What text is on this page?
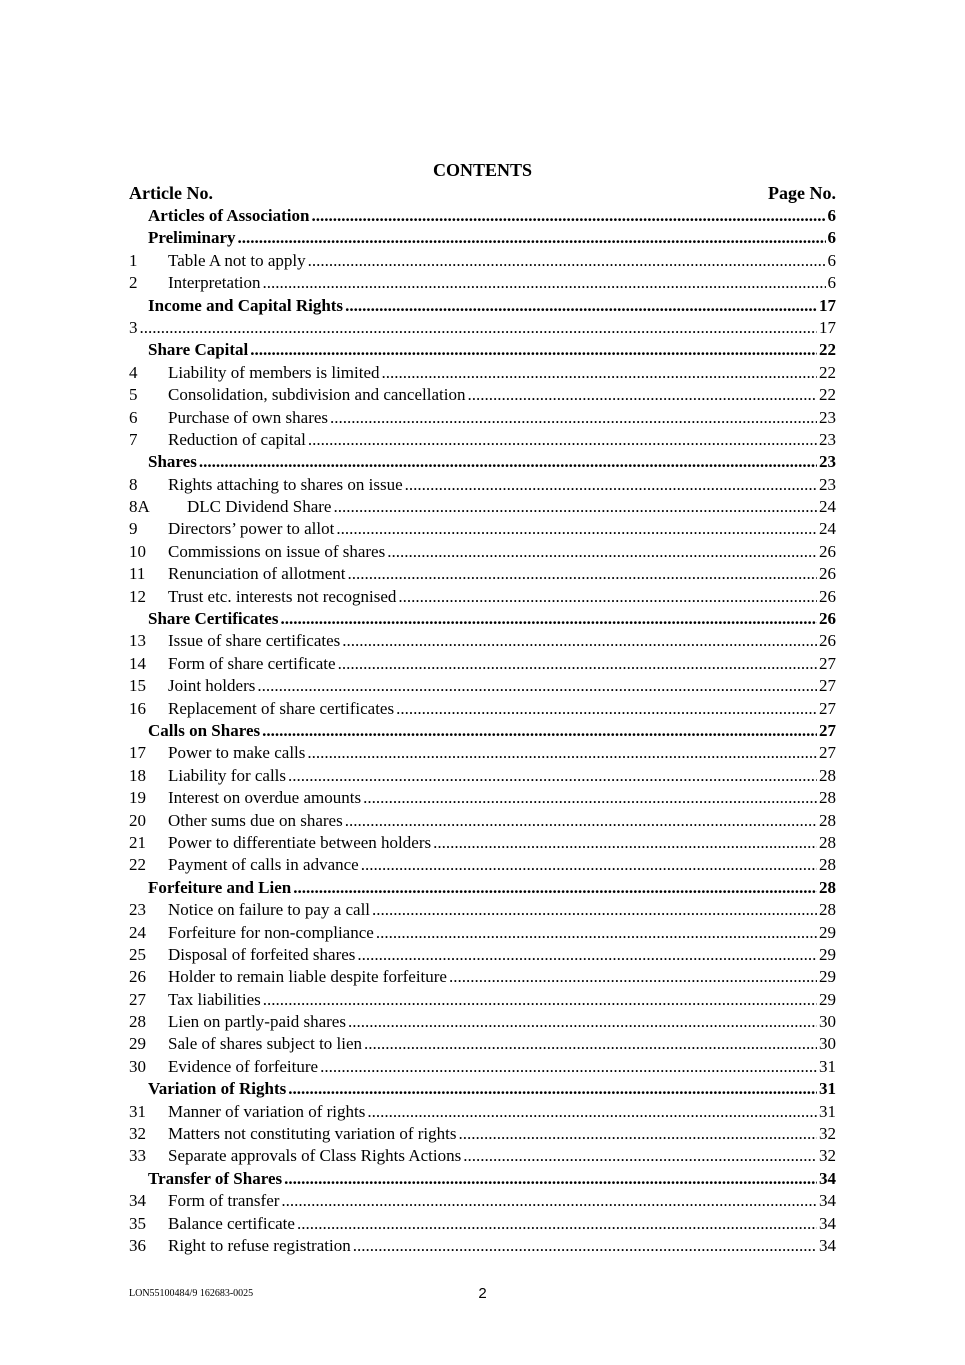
CONTENTS
Article No.	Page No.
Articles of Association .....	6
Preliminary .....	6
1	Table A not to apply .....	6
2	Interpretation .....	6
Income and Capital Rights .....	17
3 .....	17
Share Capital .....	22
4	Liability of members is limited .....	22
5	Consolidation, subdivision and cancellation .....	22
6	Purchase of own shares .....	23
7	Reduction of capital .....	23
Shares .....	23
8	Rights attaching to shares on issue .....	23
8A	DLC Dividend Share .....	24
9	Directors’ power to allot .....	24
10	Commissions on issue of shares .....	26
11	Renunciation of allotment .....	26
12	Trust etc. interests not recognised .....	26
Share Certificates .....	26
13	Issue of share certificates .....	26
14	Form of share certificate .....	27
15	Joint holders .....	27
16	Replacement of share certificates .....	27
Calls on Shares .....	27
17	Power to make calls .....	27
18	Liability for calls .....	28
19	Interest on overdue amounts .....	28
20	Other sums due on shares .....	28
21	Power to differentiate between holders .....	28
22	Payment of calls in advance .....	28
Forfeiture and Lien .....	28
23	Notice on failure to pay a call .....	28
24	Forfeiture for non-compliance .....	29
25	Disposal of forfeited shares .....	29
26	Holder to remain liable despite forfeiture .....	29
27	Tax liabilities .....	29
28	Lien on partly-paid shares .....	30
29	Sale of shares subject to lien .....	30
30	Evidence of forfeiture .....	31
Variation of Rights .....	31
31	Manner of variation of rights .....	31
32	Matters not constituting variation of rights .....	32
33	Separate approvals of Class Rights Actions .....	32
Transfer of Shares .....	34
34	Form of transfer .....	34
35	Balance certificate .....	34
36	Right to refuse registration .....	34
LON55100484/9 162683-0025	2
